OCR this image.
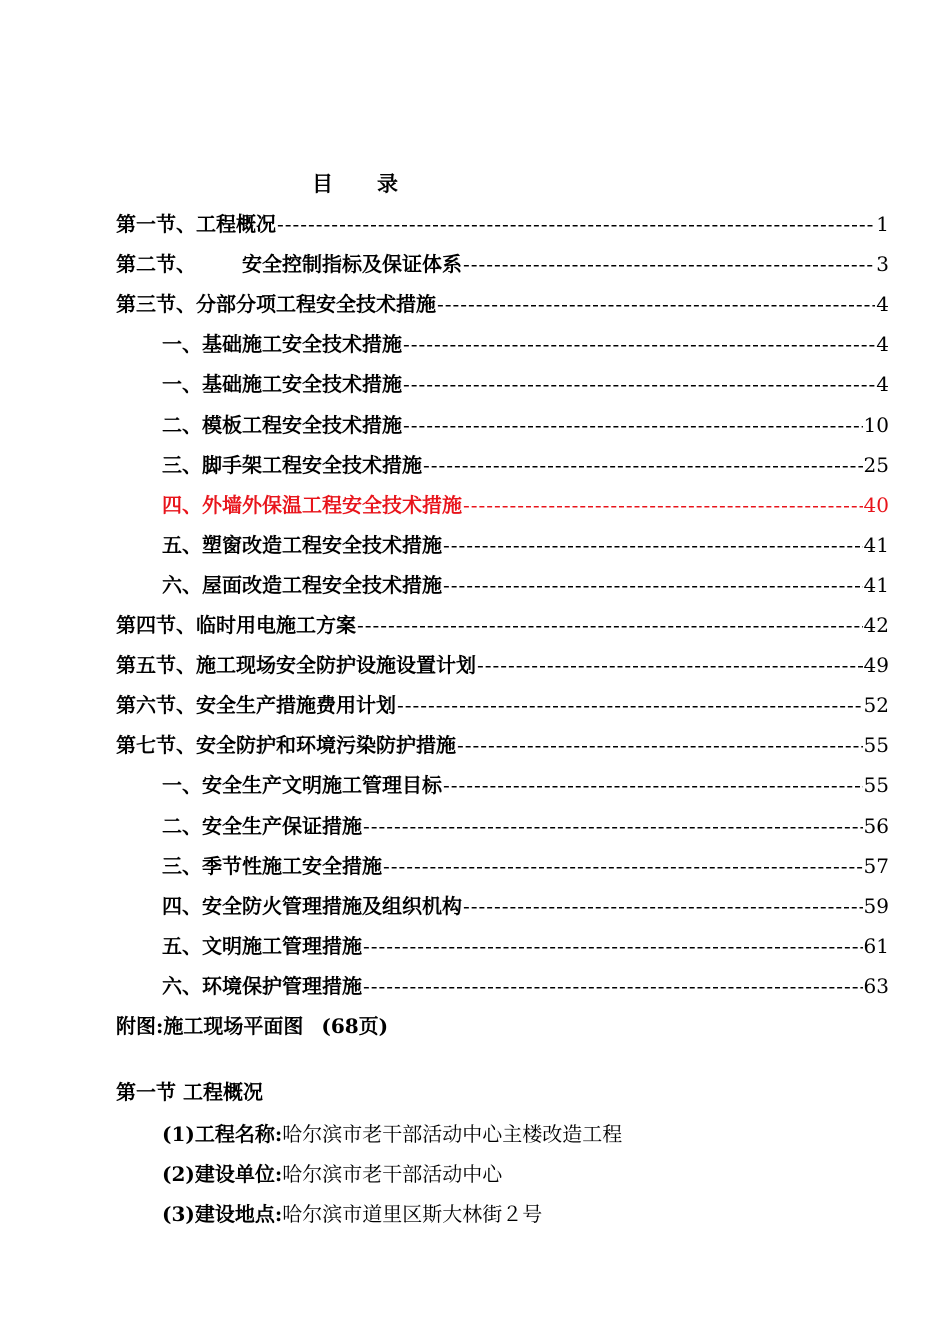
目录
第一节、工程概况 -----	1
第二节、 安全控制指标及保证体系 -----	3
第三节、分部分项工程安全技术措施 -----	4
一、基础施工安全技术措施 -----	4
一、基础施工安全技术措施 -----	4
二、模板工程安全技术措施 -----	10
三、脚手架工程安全技术措施 -----	25
四、外墙外保温工程安全技术措施 -----	40
五、塑窗改造工程安全技术措施 -----	41
六、屋面改造工程安全技术措施 -----	41
第四节、临时用电施工方案 -----	42
第五节、施工现场安全防护设施设置计划 -----	49
第六节、安全生产措施费用计划 -----	52
第七节、安全防护和环境污染防护措施 -----	55
一、安全生产文明施工管理目标 -----	55
二、安全生产保证措施 -----	56
三、季节性施工安全措施 -----	57
四、安全防火管理措施及组织机构 -----	59
五、文明施工管理措施 -----	61
六、环境保护管理措施 -----	63
附图:施工现场平面图 (68页)
第一节 工程概况
(1)工程名称:哈尔滨市老干部活动中心主楼改造工程
(2)建设单位:哈尔滨市老干部活动中心
(3)建设地点:哈尔滨市道里区斯大林街２号
